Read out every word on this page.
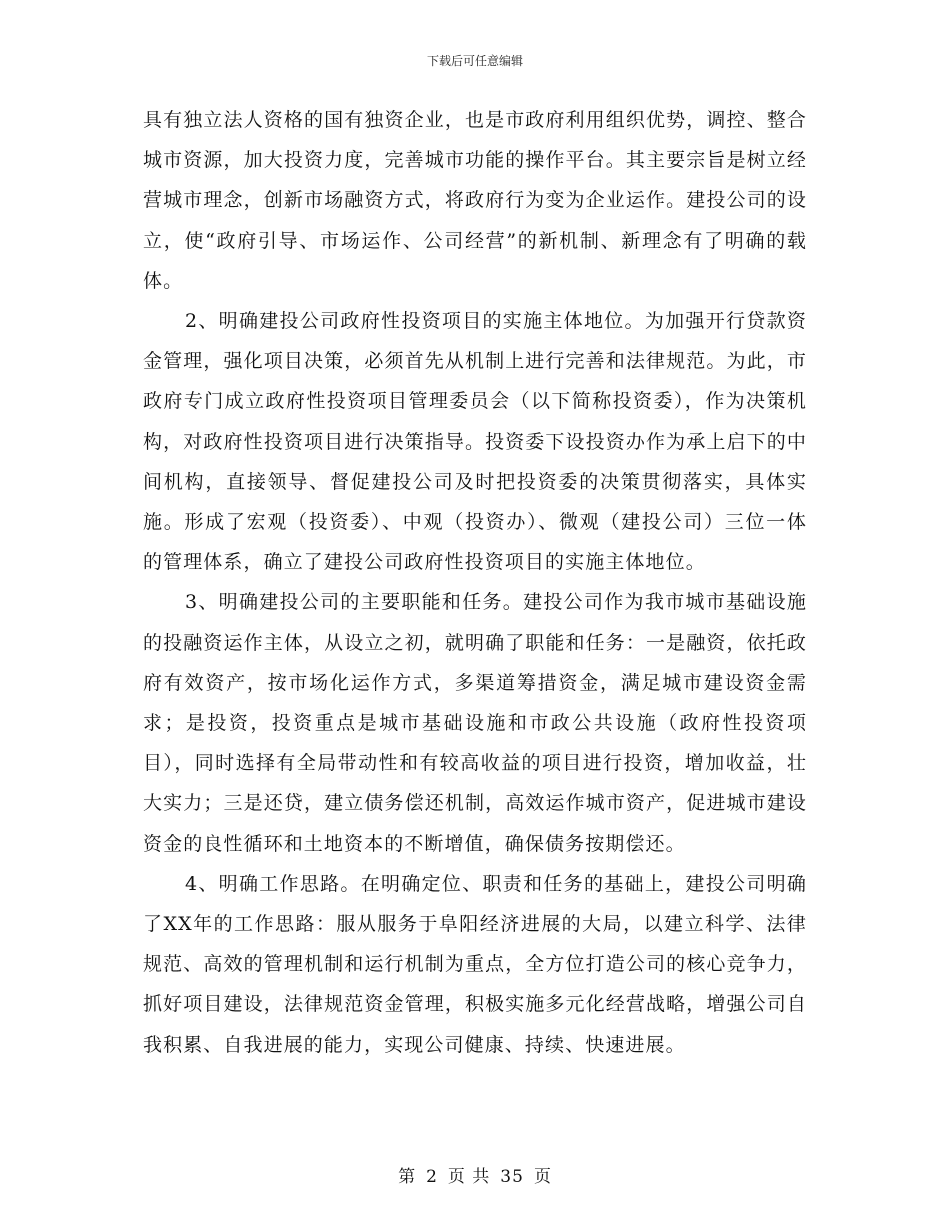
下载后可任意编辑

具有独立法人资格的国有独资企业，也是市政府利用组织优势，调控、整合城市资源，加大投资力度，完善城市功能的操作平台。其主要宗旨是树立经营城市理念，创新市场融资方式，将政府行为变为企业运作。建投公司的设立，使“政府引导、市场运作、公司经营”的新机制、新理念有了明确的载体。

2、明确建投公司政府性投资项目的实施主体地位。为加强开行贷款资金管理，强化项目决策，必须首先从机制上进行完善和法律规范。为此，市政府专门成立政府性投资项目管理委员会（以下简称投资委），作为决策机构，对政府性投资项目进行决策指导。投资委下设投资办作为承上启下的中间机构，直接领导、督促建投公司及时把投资委的决策贯彻落实，具体实施。形成了宏观（投资委）、中观（投资办）、微观（建投公司）三位一体的管理体系，确立了建投公司政府性投资项目的实施主体地位。

3、明确建投公司的主要职能和任务。建投公司作为我市城市基础设施的投融资运作主体，从设立之初，就明确了职能和任务：一是融资，依托政府有效资产，按市场化运作方式，多渠道筹措资金，满足城市建设资金需求；是投资，投资重点是城市基础设施和市政公共设施（政府性投资项目），同时选择有全局带动性和有较高收益的项目进行投资，增加收益，壮大实力；三是还贷，建立债务偿还机制，高效运作城市资产，促进城市建设资金的良性循环和土地资本的不断增值，确保债务按期偿还。

4、明确工作思路。在明确定位、职责和任务的基础上，建投公司明确了XX年的工作思路：服从服务于阜阳经济进展的大局，以建立科学、法律规范、高效的管理机制和运行机制为重点，全方位打造公司的核心竞争力，抓好项目建设，法律规范资金管理，积极实施多元化经营战略，增强公司自我积累、自我进展的能力，实现公司健康、持续、快速进展。

第 2 页 共 35 页
